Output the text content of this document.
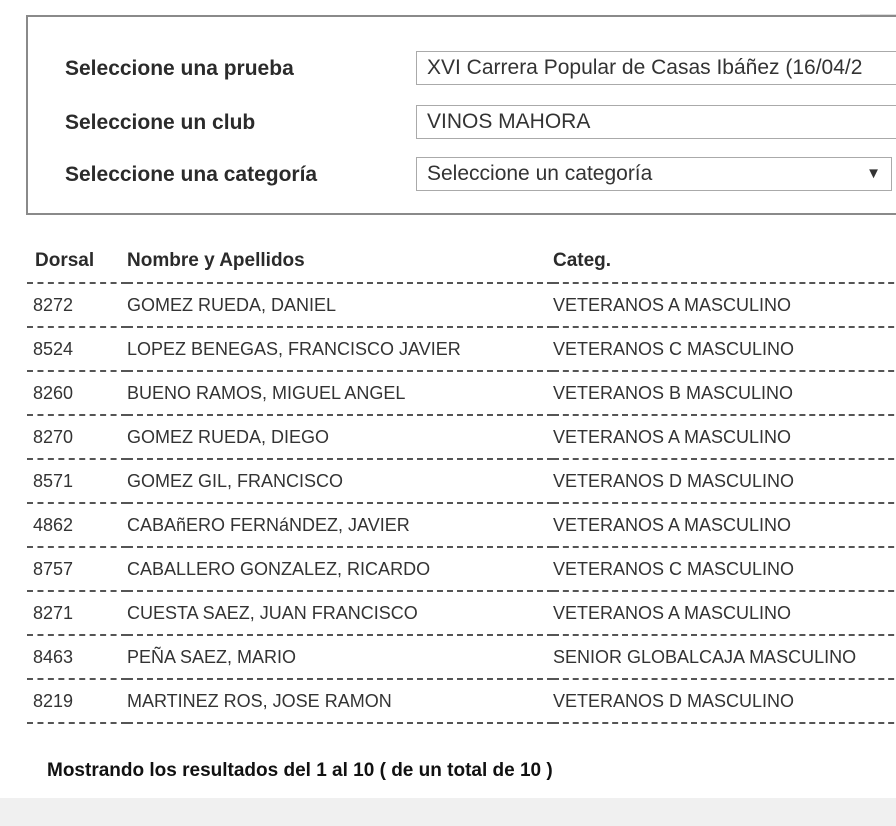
Seleccione una prueba	XVI Carrera Popular de Casas Ibáñez (16/04/2
Seleccione un club	VINOS MAHORA
Seleccione una categoría	Seleccione un categoría	▼
Dorsal	Nombre y Apellidos	Categ.
8272	GOMEZ RUEDA, DANIEL	VETERANOS A MASCULINO
8524	LOPEZ BENEGAS, FRANCISCO JAVIER	VETERANOS C MASCULINO
8260	BUENO RAMOS, MIGUEL ANGEL	VETERANOS B MASCULINO
8270	GOMEZ RUEDA, DIEGO	VETERANOS A MASCULINO
8571	GOMEZ GIL, FRANCISCO	VETERANOS D MASCULINO
4862	CABAñERO FERNáNDEZ, JAVIER	VETERANOS A MASCULINO
8757	CABALLERO GONZALEZ, RICARDO	VETERANOS C MASCULINO
8271	CUESTA SAEZ, JUAN FRANCISCO	VETERANOS A MASCULINO
8463	PEÑA SAEZ, MARIO	SENIOR GLOBALCAJA MASCULINO
8219	MARTINEZ ROS, JOSE RAMON	VETERANOS D MASCULINO
Mostrando los resultados del 1 al 10 ( de un total de 10 )
